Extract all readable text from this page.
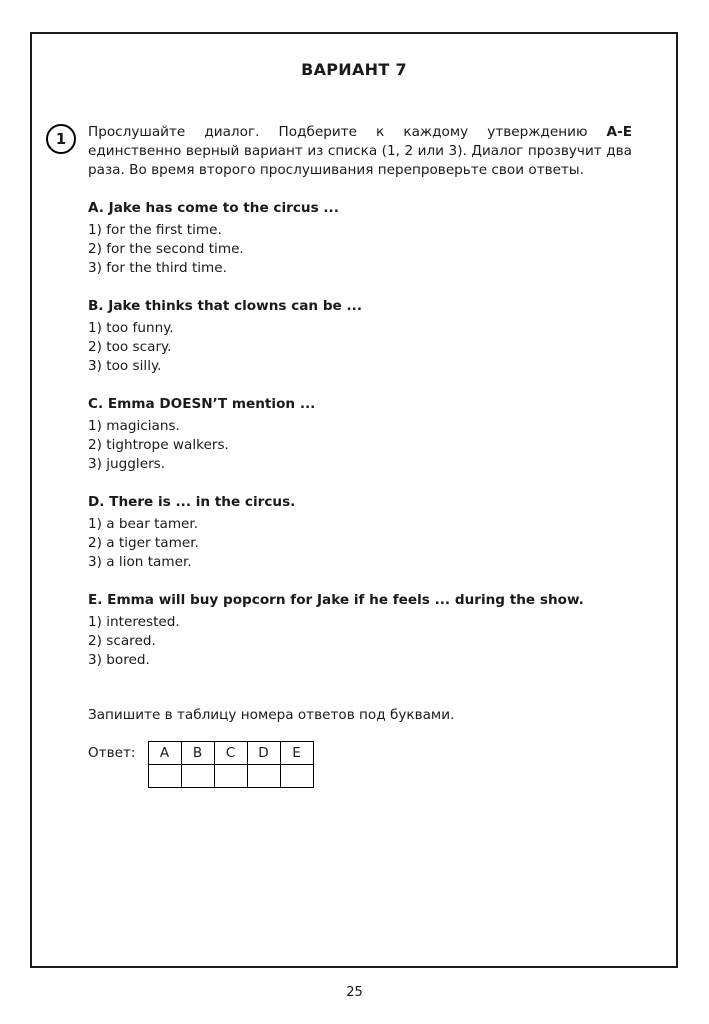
ВАРИАНТ 7
1	Прослушайте диалог. Подберите к каждому утверждению А-Е единственно верный вариант из списка (1, 2 или 3). Диалог прозвучит два раза. Во время второго прослушивания перепроверьте свои ответы.
A. Jake has come to the circus ...
1) for the first time.
2) for the second time.
3) for the third time.
B. Jake thinks that clowns can be ...
1) too funny.
2) too scary.
3) too silly.
C. Emma DOESN’T mention ...
1) magicians.
2) tightrope walkers.
3) jugglers.
D. There is ... in the circus.
1) a bear tamer.
2) a tiger tamer.
3) a lion tamer.
E. Emma will buy popcorn for Jake if he feels ... during the show.
1) interested.
2) scared.
3) bored.
Запишите в таблицу номера ответов под буквами.
Ответ: A	B	C	D	E

25
